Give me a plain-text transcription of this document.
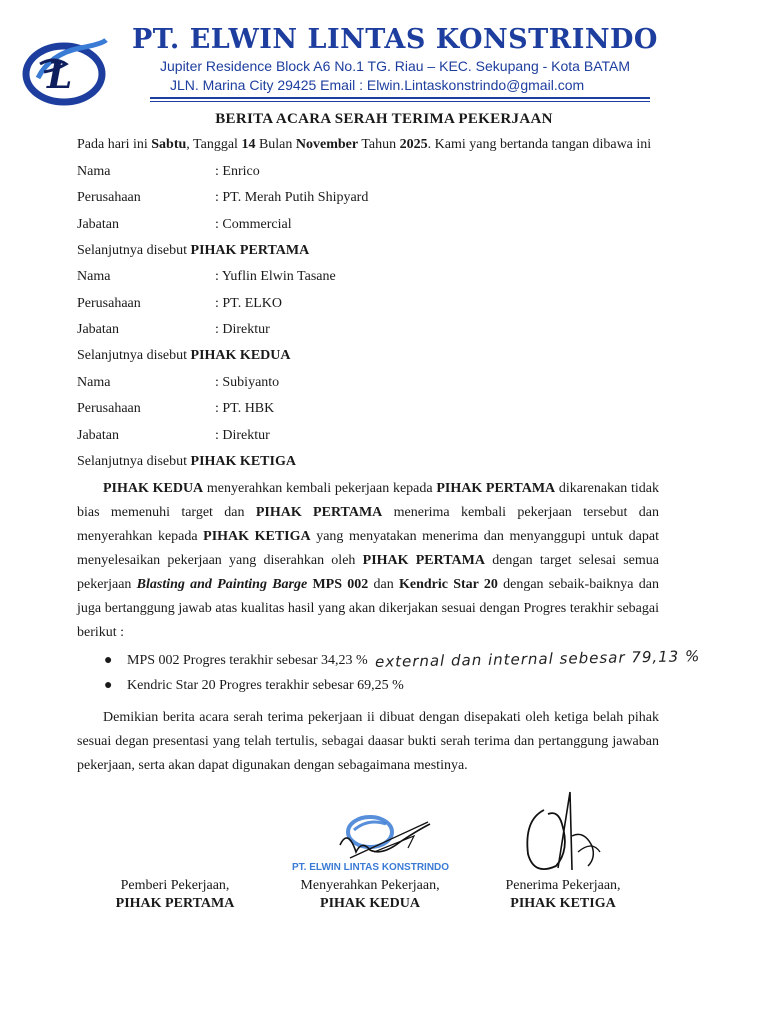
L
PT. ELWIN LINTAS KONSTRINDO
Jupiter Residence Block A6 No.1 TG. Riau – KEC. Sekupang - Kota BATAM
JLN. Marina City 29425 Email : Elwin.Lintaskonstrindo@gmail.com
BERITA ACARA SERAH TERIMA PEKERJAAN
Pada hari ini Sabtu, Tanggal 14 Bulan November Tahun 2025. Kami yang bertanda tangan dibawa ini
Nama	: Enrico
Perusahaan	: PT. Merah Putih Shipyard
Jabatan	: Commercial
Selanjutnya disebut PIHAK PERTAMA
Nama	: Yuflin Elwin Tasane
Perusahaan	: PT. ELKO
Jabatan	: Direktur
Selanjutnya disebut PIHAK KEDUA
Nama	: Subiyanto
Perusahaan	: PT. HBK
Jabatan	: Direktur
Selanjutnya disebut PIHAK KETIGA
PIHAK KEDUA menyerahkan kembali pekerjaan kepada PIHAK PERTAMA dikarenakan tidak
bias memenuhi target dan PIHAK PERTAMA menerima kembali pekerjaan tersebut dan
menyerahkan kepada PIHAK KETIGA yang menyatakan menerima dan menyanggupi untuk dapat
menyelesaikan pekerjaan yang diserahkan oleh PIHAK PERTAMA dengan target selesai semua
pekerjaan Blasting and Painting Barge MPS 002 dan Kendric Star 20 dengan sebaik-baiknya dan
juga bertanggung jawab atas kualitas hasil yang akan dikerjakan sesuai dengan Progres terakhir sebagai
berikut :
● MPS 002 Progres terakhir sebesar 34,23 % external dan internal sebesar 79,13 %
● Kendric Star 20 Progres terakhir sebesar 69,25 %
Demikian berita acara serah terima pekerjaan ii dibuat dengan disepakati oleh ketiga belah pihak
sesuai degan presentasi yang telah tertulis, sebagai daasar bukti serah terima dan pertanggung jawaban
pekerjaan, serta akan dapat digunakan dengan sebagaimana mestinya.
PT. ELWIN LINTAS KONSTRINDO
Pemberi Pekerjaan,
PIHAK PERTAMA
Menyerahkan Pekerjaan,
PIHAK KEDUA
Penerima Pekerjaan,
PIHAK KETIGA
